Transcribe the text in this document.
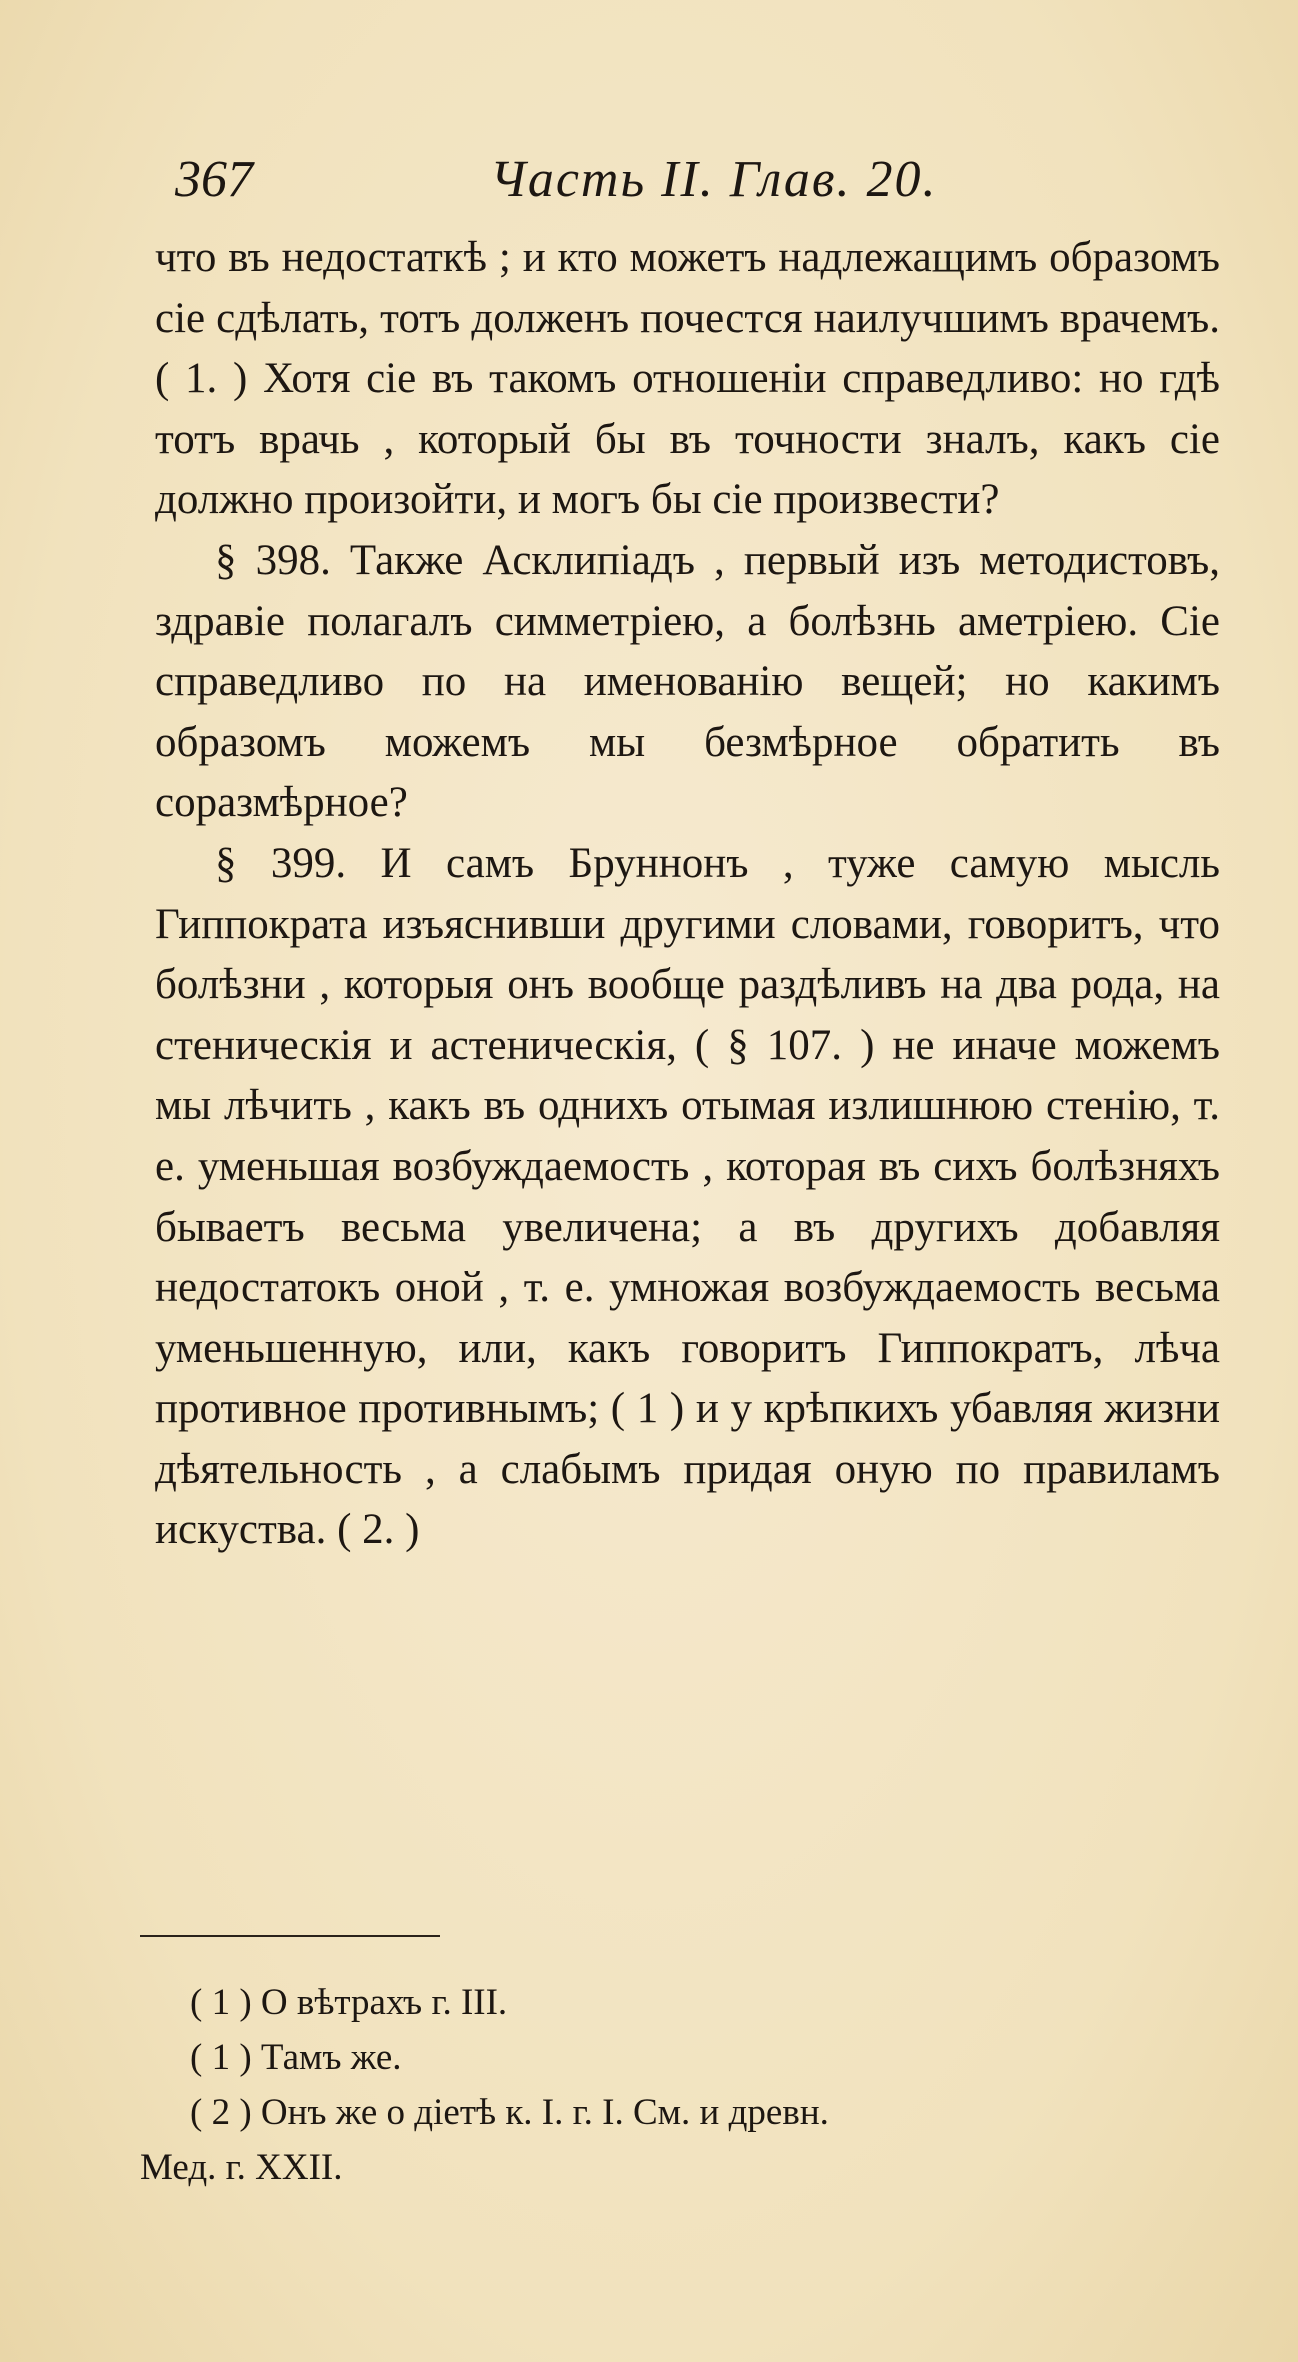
367	Часть II. Глав. 20.

что въ недостаткѣ ; и кто можетъ надлежащимъ образомъ сіе сдѣлать, тотъ долженъ почестся наилучшимъ врачемъ. ( 1. ) Хотя сіе въ такомъ отношеніи справедливо: но гдѣ тотъ врачь , который бы въ точности зналъ, какъ сіе должно произойти, и могъ бы сіе произвести?

§ 398. Также Асклипіадъ , первый изъ методистовъ, здравіе полагалъ симметріею, а болѣзнь аметріею. Сіе справедливо по на именованію вещей; но какимъ образомъ можемъ мы безмѣрное обратить въ соразмѣрное?

§ 399. И самъ Бруннонъ , туже самую мысль Гиппократа изъяснивши другими словами, говоритъ, что болѣзни , которыя онъ вообще раздѣливъ на два рода, на стеническія и астеническія, ( § 107. ) не иначе можемъ мы лѣчить , какъ въ однихъ отымая излишнюю стенію, т. е. уменьшая возбуждаемость , которая въ сихъ болѣзняхъ бываетъ весьма увеличена; а въ другихъ добавляя недостатокъ оной , т. е. умножая возбуждаемость весьма уменьшенную, или, какъ говоритъ Гиппократъ, лѣча противное противнымъ; ( 1 ) и у крѣпкихъ убавляя жизни дѣятельность , а слабымъ придая оную по правиламъ искуства. ( 2. )

( 1 ) О вѣтрахъ г. III.
( 1 ) Тамъ же.
( 2 ) Онъ же о діетѣ к. I. г. I. См. и древн.
Мед. г. XXII.
